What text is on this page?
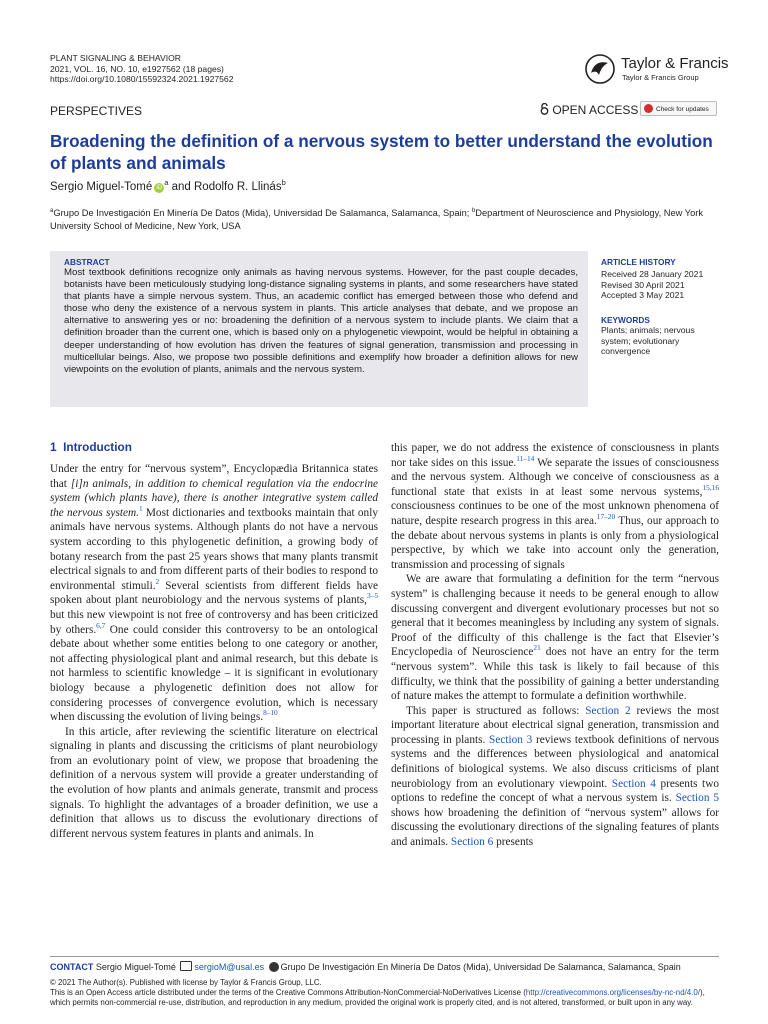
PLANT SIGNALING & BEHAVIOR
2021, VOL. 16, NO. 10, e1927562 (18 pages)
https://doi.org/10.1080/15592324.2021.1927562
Taylor & Francis
Taylor & Francis Group
PERSPECTIVES	OPEN ACCESS	Check for updates
Broadening the definition of a nervous system to better understand the evolution of plants and animals
Sergio Miguel-Tomé $iD^a$ and Rodolfo R. Llinás$^b$
$^a$Grupo De Investigación En Minería De Datos (Mida), Universidad De Salamanca, Salamanca, Spain; $^b$Department of Neuroscience and Physiology, New York University School of Medicine, New York, USA
ABSTRACT
Most textbook definitions recognize only animals as having nervous systems. However, for the past couple decades, botanists have been meticulously studying long-distance signaling systems in plants, and some researchers have stated that plants have a simple nervous system. Thus, an academic conflict has emerged between those who defend and those who deny the existence of a nervous system in plants. This article analyses that debate, and we propose an alternative to answering yes or no: broadening the definition of a nervous system to include plants. We claim that a definition broader than the current one, which is based only on a phylogenetic viewpoint, would be helpful in obtaining a deeper understanding of how evolution has driven the features of signal generation, transmission and processing in multicellular beings. Also, we propose two possible definitions and exemplify how broader a definition allows for new viewpoints on the evolution of plants, animals and the nervous system.
ARTICLE HISTORY
Received 28 January 2021
Revised 30 April 2021
Accepted 3 May 2021
KEYWORDS
Plants; animals; nervous system; evolutionary convergence
1 Introduction

Under the entry for “nervous system”, Encyclopædia Britannica states that [i]n animals, in addition to chemical regulation via the endocrine system (which plants have), there is another integrative system called the nervous system.$^1$ Most dictionaries and textbooks maintain that only animals have nervous systems. Although plants do not have a nervous system according to this phylogenetic definition, a growing body of botany research from the past 25 years shows that many plants transmit electrical signals to and from different parts of their bodies to respond to environmental stimuli.$^2$ Several scientists from different fields have spoken about plant neurobiology and the nervous systems of plants,$^{3-5}$ but this new viewpoint is not free of controversy and has been criticized by others.$^{6,7}$ One could consider this controversy to be an ontological debate about whether some entities belong to one category or another, not affecting physiological plant and animal research, but this debate is not harmless to scientific knowledge – it is significant in evolutionary biology because a phylogenetic definition does not allow for considering processes of convergence evolution, which is necessary when discussing the evolution of living beings.$^{8-10}$

In this article, after reviewing the scientific literature on electrical signaling in plants and discussing the criticisms of plant neurobiology from an evolutionary point of view, we propose that broadening the definition of a nervous system will provide a greater understanding of the evolution of how plants and animals generate, transmit and process signals. To highlight the advantages of a broader definition, we use a definition that allows us to discuss the evolutionary directions of different nervous system features in plants and animals. In

this paper, we do not address the existence of consciousness in plants nor take sides on this issue.$^{11-14}$ We separate the issues of consciousness and the nervous system. Although we conceive of consciousness as a functional state that exists in at least some nervous systems,$^{15,16}$ consciousness continues to be one of the most unknown phenomena of nature, despite research progress in this area.$^{17-20}$ Thus, our approach to the debate about nervous systems in plants is only from a physiological perspective, by which we take into account only the generation, transmission and processing of signals

We are aware that formulating a definition for the term “nervous system” is challenging because it needs to be general enough to allow discussing convergent and divergent evolutionary processes but not so general that it becomes meaningless by including any system of signals. Proof of the difficulty of this challenge is the fact that Elsevier’s Encyclopedia of Neuroscience$^{21}$ does not have an entry for the term “nervous system”. While this task is likely to fail because of this difficulty, we think that the possibility of gaining a better understanding of nature makes the attempt to formulate a definition worthwhile.

This paper is structured as follows: Section 2 reviews the most important literature about electrical signal generation, transmission and processing in plants. Section 3 reviews textbook definitions of nervous systems and the differences between physiological and anatomical definitions of biological systems. We also discuss criticisms of plant neurobiology from an evolutionary viewpoint. Section 4 presents two options to redefine the concept of what a nervous system is. Section 5 shows how broadening the definition of “nervous system” allows for discussing the evolutionary directions of the signaling features of plants and animals. Section 6 presents

CONTACT Sergio Miguel-Tomé sergioM@usal.es Grupo De Investigación En Minería De Datos (Mida), Universidad De Salamanca, Salamanca, Spain
© 2021 The Author(s). Published with license by Taylor & Francis Group, LLC.
This is an Open Access article distributed under the terms of the Creative Commons Attribution-NonCommercial-NoDerivatives License (http://creativecommons.org/licenses/by-nc-nd/4.0/),
which permits non-commercial re-use, distribution, and reproduction in any medium, provided the original work is properly cited, and is not altered, transformed, or built upon in any way.
